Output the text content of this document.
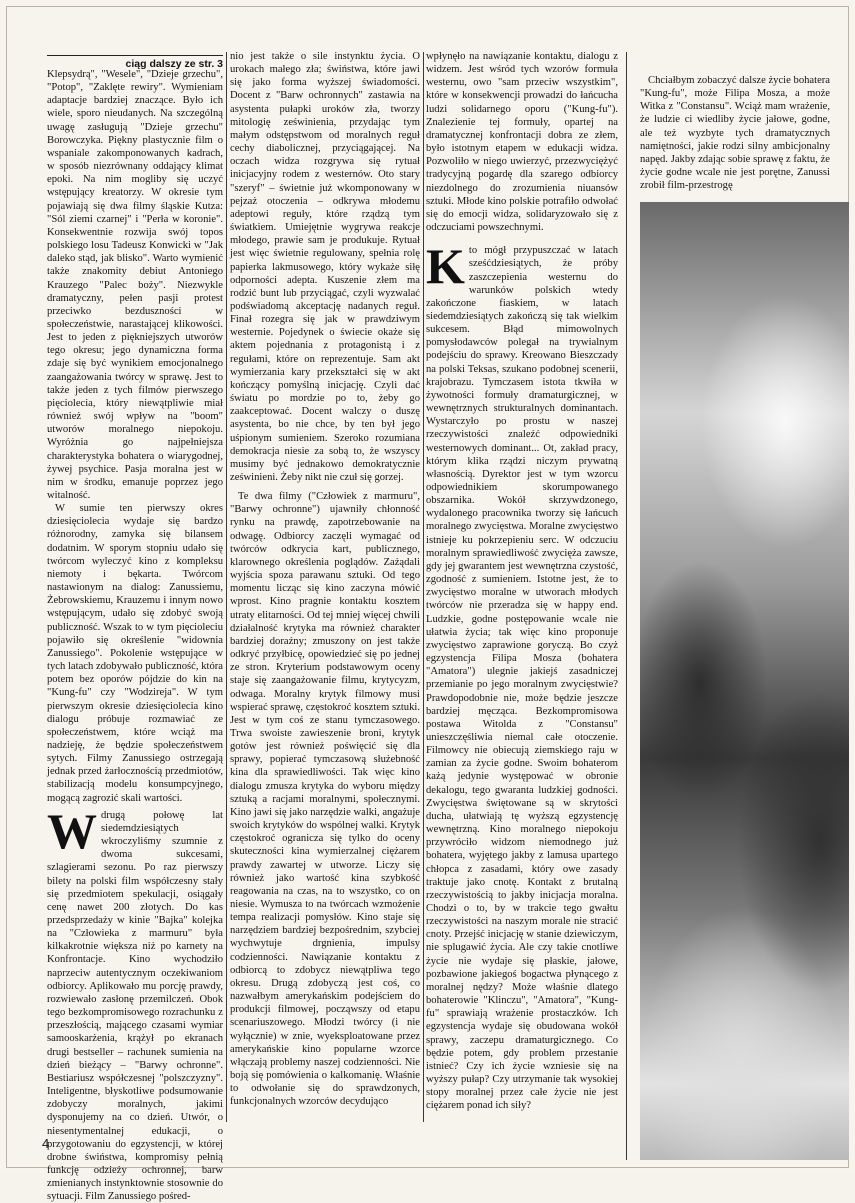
ciąg dalszy ze str. 3

Klepsydrą", "Wesele", "Dzieje grzechu", "Potop", "Zaklęte rewiry". Wymieniam adaptacje bardziej znaczące. Było ich wiele, sporo nieudanych. Na szczególną uwagę zasługują "Dzieje grzechu" Borowczyka. Piękny plastycznie film o wspaniale zakomponowanych kadrach, w sposób niezrównany oddający klimat epoki. Na nim mogliby się uczyć wstępujący kreatorzy. W okresie tym pojawiają się dwa filmy śląskie Kutza: "Sól ziemi czarnej" i "Perła w koronie". Konsekwentnie rozwija swój topos polskiego losu Tadeusz Konwicki w "Jak daleko stąd, jak blisko". Warto wymienić także znakomity debiut Antoniego Krauzego "Palec boży". Niezwykle dramatyczny, pełen pasji protest przeciwko bezduszności w społeczeństwie, narastającej klikowości. Jest to jeden z piękniejszych utworów tego okresu; jego dynamiczna forma zdaje się być wynikiem emocjonalnego zaangażowania twórcy w sprawę. Jest to także jeden z tych filmów pierwszego pięciolecia, który niewątpliwie miał również swój wpływ na "boom" utworów moralnego niepokoju. Wyróżnia go najpełniejsza charakterystyka bohatera o wiarygodnej, żywej psychice. Pasja moralna jest w nim w środku, emanuje poprzez jego witalność.

W sumie ten pierwszy okres dziesięciolecia wydaje się bardzo różnorodny, zamyka się bilansem dodatnim. W sporym stopniu udało się twórcom wyleczyć kino z kompleksu niemoty i bękarta. Twórcom nastawionym na dialog: Zanussiemu, Żebrowskiemu, Krauzemu i innym nowo wstępującym, udało się zdobyć swoją publiczność. Wszak to w tym pięcioleciu pojawiło się określenie "widownia Zanussiego". Pokolenie wstępujące w tych latach zdobywało publiczność, która potem bez oporów pójdzie do kin na "Kung-fu" czy "Wodzireja". W tym pierwszym okresie dziesięciolecia kino dialogu próbuje rozmawiać ze społeczeństwem, które wciąż ma nadzieję, że będzie społeczeństwem sytych. Filmy Zanussiego ostrzegają jednak przed żarłocznością przedmiotów, stabilizacją modelu konsumpcyjnego, mogącą zagrozić skali wartości.

Wdrugą połowę lat siedemdziesiątych wkroczyliśmy szumnie z dwoma sukcesami, szlagierami sezonu. Po raz pierwszy bilety na polski film współczesny stały się przedmiotem spekulacji, osiągały cenę nawet 200 złotych. Do kas przedsprzedaży w kinie "Bajka" kolejka na "Człowieka z marmuru" była kilkakrotnie większa niż po karnety na Konfrontacje. Kino wychodziło naprzeciw autentycznym oczekiwaniom odbiorcy. Aplikowało mu porcję prawdy, rozwiewało zasłonę przemilczeń. Obok tego bezkompromisowego rozrachunku z przeszłością, mającego czasami wymiar samooskarżenia, krążył po ekranach drugi bestseller – rachunek sumienia na dzień bieżący – "Barwy ochronne". Bestiariusz współczesnej "polszczyzny". Inteligentne, błyskotliwe podsumowanie zdobyczy moralnych, jakimi dysponujemy na co dzień. Utwór, o niesentymentalnej edukacji, o przygotowaniu do egzystencji, w której drobne świństwa, kompromisy pełnią funkcję odzieży ochronnej, barw zmienianych instynktownie stosownie do sytuacji. Film Zanussiego pośred-

nio jest także o sile instynktu życia. O urokach małego zła; świństwa, które jawi się jako forma wyższej świadomości. Docent z "Barw ochronnych" zastawia na asystenta pułapki uroków zła, tworzy mitologię ześwinienia, przydając tym małym odstępstwom od moralnych reguł cechy diabolicznej, przyciągającej. Na oczach widza rozgrywa się rytuał inicjacyjny rodem z westernów. Oto stary "szeryf" – świetnie już wkomponowany w pejzaż otoczenia – odkrywa młodemu adeptowi reguły, które rządzą tym światkiem. Umiejętnie wygrywa reakcje młodego, prawie sam je produkuje. Rytuał jest więc świetnie regulowany, spełnia rolę papierka lakmusowego, który wykaże siłę odporności adepta. Kuszenie złem ma rodzić bunt lub przyciągać, czyli wyzwalać podświadomą akceptację nadanych reguł. Finał rozegra się jak w prawdziwym westernie. Pojedynek o świecie okaże się aktem pojednania z protagonistą i z regułami, które on reprezentuje. Sam akt wymierzania kary przekształci się w akt kończący pomyślną inicjację. Czyli dać światu po mordzie po to, żeby go zaakceptować. Docent walczy o duszę asystenta, bo nie chce, by ten był jego uśpionym sumieniem. Szeroko rozumiana demokracja niesie za sobą to, że wszyscy musimy być jednakowo demokratycznie ześwinieni. Żeby nikt nie czuł się gorzej.

Te dwa filmy ("Człowiek z marmuru", "Barwy ochronne") ujawniły chłonność rynku na prawdę, zapotrzebowanie na odwagę. Odbiorcy zaczęli wymagać od twórców odkrycia kart, publicznego, klarownego określenia poglądów. Zażądali wyjścia spoza parawanu sztuki. Od tego momentu licząc się kino zaczyna mówić wprost. Kino pragnie kontaktu kosztem utraty elitarności. Od tej mniej więcej chwili działalność krytyka ma również charakter bardziej doraźny; zmuszony on jest także odkryć przyłbicę, opowiedzieć się po jednej ze stron. Kryterium podstawowym oceny staje się zaangażowanie filmu, krytycyzm, odwaga. Moralny krytyk filmowy musi wspierać sprawę, częstokroć kosztem sztuki. Jest w tym coś ze stanu tymczasowego. Trwa swoiste zawieszenie broni, krytyk gotów jest również poświęcić się dla sprawy, popierać tymczasową służebność kina dla sprawiedliwości. Tak więc kino dialogu zmusza krytyka do wyboru między sztuką a racjami moralnymi, społecznymi. Kino jawi się jako narzędzie walki, angażuje swoich krytyków do wspólnej walki. Krytyk częstokroć ogranicza się tylko do oceny skuteczności kina wymierzalnej ciężarem prawdy zawartej w utworze. Liczy się również jako wartość kina szybkość reagowania na czas, na to wszystko, co on niesie. Wymusza to na twórcach wzmożenie tempa realizacji pomysłów. Kino staje się narzędziem bardziej bezpośrednim, szybciej wychwytuje drgnienia, impulsy codzienności. Nawiązanie kontaktu z odbiorcą to zdobycz niewątpliwa tego okresu. Drugą zdobyczą jest coś, co nazwałbym amerykańskim podejściem do produkcji filmowej, począwszy od etapu scenariuszowego. Młodzi twórcy (i nie wyłącznie) w znie, wyeksploatowane przez amerykańskie kino popularne wzorce włączają problemy naszej codzienności. Nie boją się pomówienia o kalkomanię. Właśnie to odwołanie się do sprawdzonych, funkcjonalnych wzorców decydująco

wpłynęło na nawiązanie kontaktu, dialogu z widzem. Jest wśród tych wzorów formuła westernu, owo "sam przeciw wszystkim", które w konsekwencji prowadzi do łańcucha ludzi solidarnego oporu ("Kung-fu"). Znalezienie tej formuły, opartej na dramatycznej konfrontacji dobra ze złem, było istotnym etapem w edukacji widza. Pozwoliło w niego uwierzyć, przezwyciężyć tradycyjną pogardę dla szarego odbiorcy niezdolnego do zrozumienia niuansów sztuki. Młode kino polskie potrafiło odwołać się do emocji widza, solidaryzowało się z odczuciami powszechnymi.

Kto mógł przypuszczać w latach sześćdziesiątych, że próby zaszczepienia westernu do warunków polskich wtedy zakończone fiaskiem, w latach siedemdziesiątych zakończą się tak wielkim sukcesem. Błąd mimowolnych pomysłodawców polegał na trywialnym podejściu do sprawy. Kreowano Bieszczady na polski Teksas, szukano podobnej scenerii, krajobrazu. Tymczasem istota tkwiła w żywotności formuły dramaturgicznej, w wewnętrznych strukturalnych dominantach. Wystarczyło po prostu w naszej rzeczywistości znaleźć odpowiedniki westernowych dominant... Ot, zakład pracy, którym klika rządzi niczym prywatną własnością. Dyrektor jest w tym wzorcu odpowiednikiem skorumpowanego obszarnika. Wokół skrzywdzonego, wydalonego pracownika tworzy się łańcuch moralnego zwycięstwa. Moralne zwycięstwo istnieje ku pokrzepieniu serc. W odczuciu moralnym sprawiedliwość zwycięża zawsze, gdy jej gwarantem jest wewnętrzna czystość, zgodność z sumieniem. Istotne jest, że to zwycięstwo moralne w utworach młodych twórców nie przeradza się w happy end. Ludzkie, godne postępowanie wcale nie ułatwia życia; tak więc kino proponuje zwycięstwo zaprawione goryczą. Bo czyż egzystencja Filipa Mosza (bohatera "Amatora") ulegnie jakiejś zasadniczej przemianie po jego moralnym zwycięstwie? Prawdopodobnie nie, może będzie jeszcze bardziej męcząca. Bezkompromisowa postawa Witolda z "Constansu" unieszczęśliwia niemal całe otoczenie. Filmowcy nie obiecują ziemskiego raju w zamian za życie godne. Swoim bohaterom każą jedynie występować w obronie dekalogu, tego gwaranta ludzkiej godności. Zwycięstwa świętowane są w skrytości ducha, ułatwiają tę wyższą egzystencję wewnętrzną. Kino moralnego niepokoju przywróciło widzom niemodnego już bohatera, wyjętego jakby z lamusa upartego chłopca z zasadami, który owe zasady traktuje jako cnotę. Kontakt z brutalną rzeczywistością to jakby inicjacja moralna. Chodzi o to, by w trakcie tego gwałtu rzeczywistości na naszym morale nie stracić cnoty. Przejść inicjację w stanie dziewiczym, nie splugawić życia. Ale czy takie cnotliwe życie nie wydaje się płaskie, jałowe, pozbawione jakiegoś bogactwa płynącego z moralnej nędzy? Może właśnie dlatego bohaterowie "Klinczu", "Amatora", "Kung-fu" sprawiają wrażenie prostaczków. Ich egzystencja wydaje się obudowana wokół sprawy, zaczepu dramaturgicznego. Co będzie potem, gdy problem przestanie istnieć? Czy ich życie wzniesie się na wyższy pułap? Czy utrzymanie tak wysokiej stopy moralnej przez całe życie nie jest ciężarem ponad ich siły?

Chciałbym zobaczyć dalsze życie bohatera "Kung-fu", może Filipa Mosza, a może Witka z "Constansu". Wciąż mam wrażenie, że ludzie ci wiedliby życie jałowe, godne, ale też wyzbyte tych dramatycznych namiętności, jakie rodzi silny ambicjonalny napęd. Jakby zdając sobie sprawę z faktu, że życie godne wcale nie jest porętne, Zanussi zrobił film-przestrogę

4
